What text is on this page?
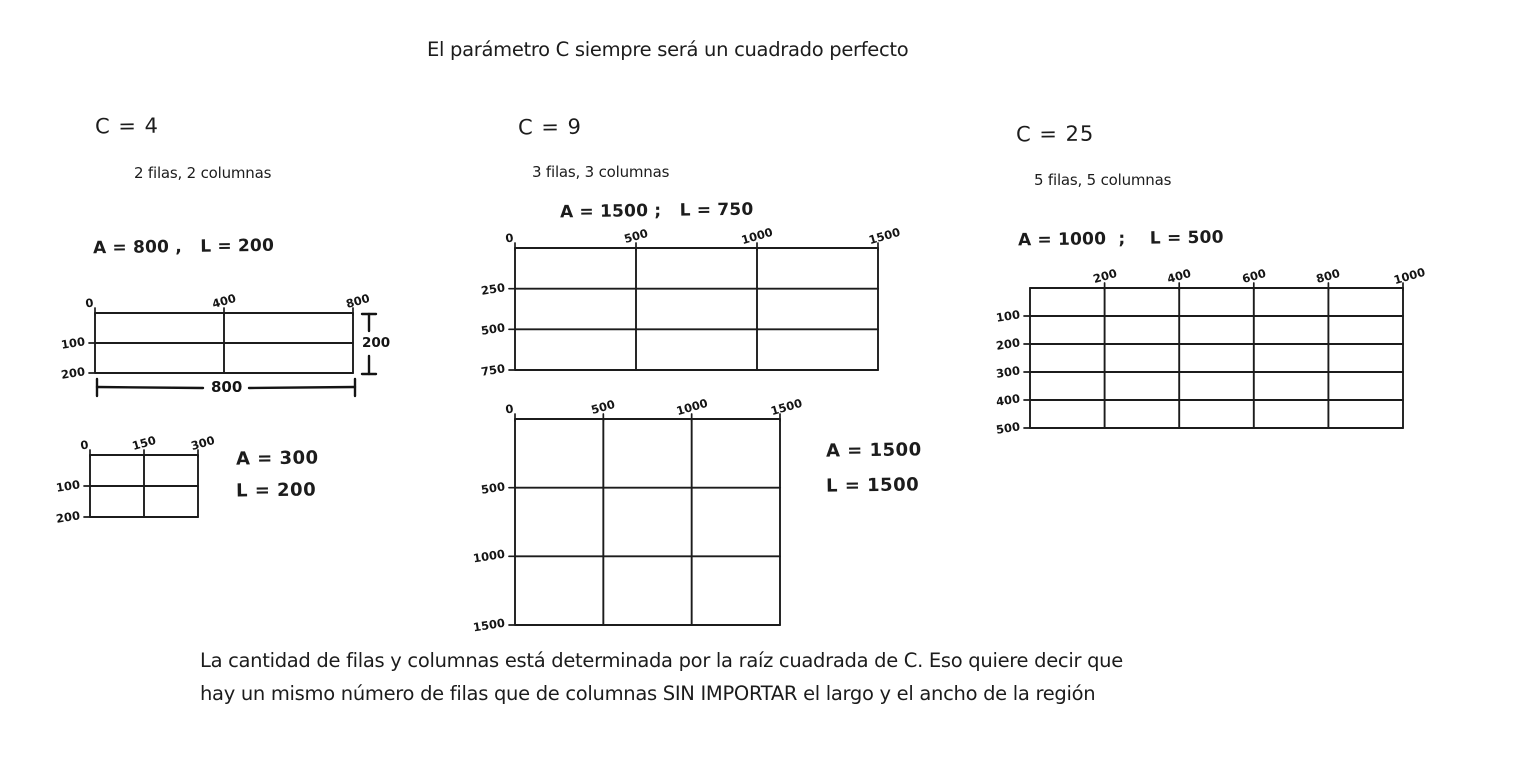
El parámetro C siempre será un cuadrado perfecto
C = 4
2 filas, 2 columnas
A = 800 ,   L = 200
0	400	800
100
200
200
800
0	150	300
100
200
A = 300
L = 200
C = 9
3 filas, 3 columnas
A = 1500 ;   L = 750
0	500	1000	1500
250
500
750
0	500	1000	1500
500
1000
1500
A = 1500
L = 1500
C = 25
5 filas, 5 columnas
A = 1000  ;    L = 500
200	400	600	800	1000
100
200
300
400
500
La cantidad de filas y columnas está determinada por la raíz cuadrada de C. Eso quiere decir que
hay un mismo número de filas que de columnas SIN IMPORTAR el largo y el ancho de la región
